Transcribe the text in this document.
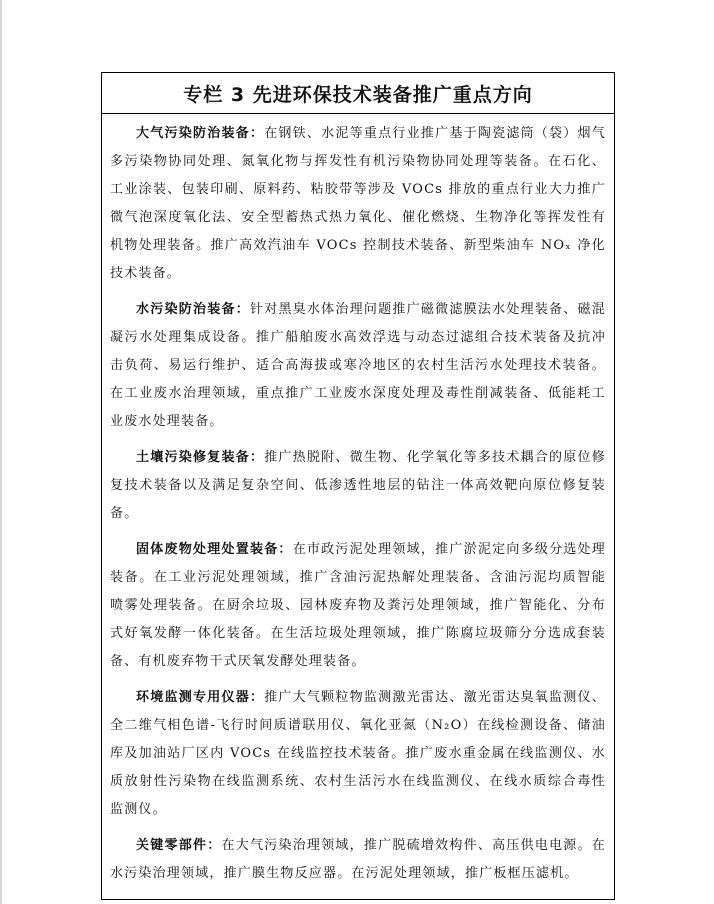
专栏 3 先进环保技术装备推广重点方向

大气污染防治装备：在钢铁、水泥等重点行业推广基于陶瓷滤筒（袋）烟气多污染物协同处理、氮氧化物与挥发性有机污染物协同处理等装备。在石化、工业涂装、包装印刷、原料药、粘胶带等涉及 VOCs 排放的重点行业大力推广微气泡深度氧化法、安全型蓄热式热力氧化、催化燃烧、生物净化等挥发性有机物处理装备。推广高效汽油车 VOCs 控制技术装备、新型柴油车 NOₓ 净化技术装备。

水污染防治装备：针对黑臭水体治理问题推广磁微滤膜法水处理装备、磁混凝污水处理集成设备。推广船舶废水高效浮选与动态过滤组合技术装备及抗冲击负荷、易运行维护、适合高海拔或寒冷地区的农村生活污水处理技术装备。在工业废水治理领域，重点推广工业废水深度处理及毒性削减装备、低能耗工业废水处理装备。

土壤污染修复装备：推广热脱附、微生物、化学氧化等多技术耦合的原位修复技术装备以及满足复杂空间、低渗透性地层的钻注一体高效靶向原位修复装备。

固体废物处理处置装备：在市政污泥处理领域，推广淤泥定向多级分选处理装备。在工业污泥处理领域，推广含油污泥热解处理装备、含油污泥均质智能喷雾处理装备。在厨余垃圾、园林废弃物及粪污处理领域，推广智能化、分布式好氧发酵一体化装备。在生活垃圾处理领域，推广陈腐垃圾筛分分选成套装备、有机废弃物干式厌氧发酵处理装备。

环境监测专用仪器：推广大气颗粒物监测激光雷达、激光雷达臭氧监测仪、全二维气相色谱-飞行时间质谱联用仪、氧化亚氮（N₂O）在线检测设备、储油库及加油站厂区内 VOCs 在线监控技术装备。推广废水重金属在线监测仪、水质放射性污染物在线监测系统、农村生活污水在线监测仪、在线水质综合毒性监测仪。

关键零部件：在大气污染治理领域，推广脱硫增效构件、高压供电电源。在水污染治理领域，推广膜生物反应器。在污泥处理领域，推广板框压滤机。
